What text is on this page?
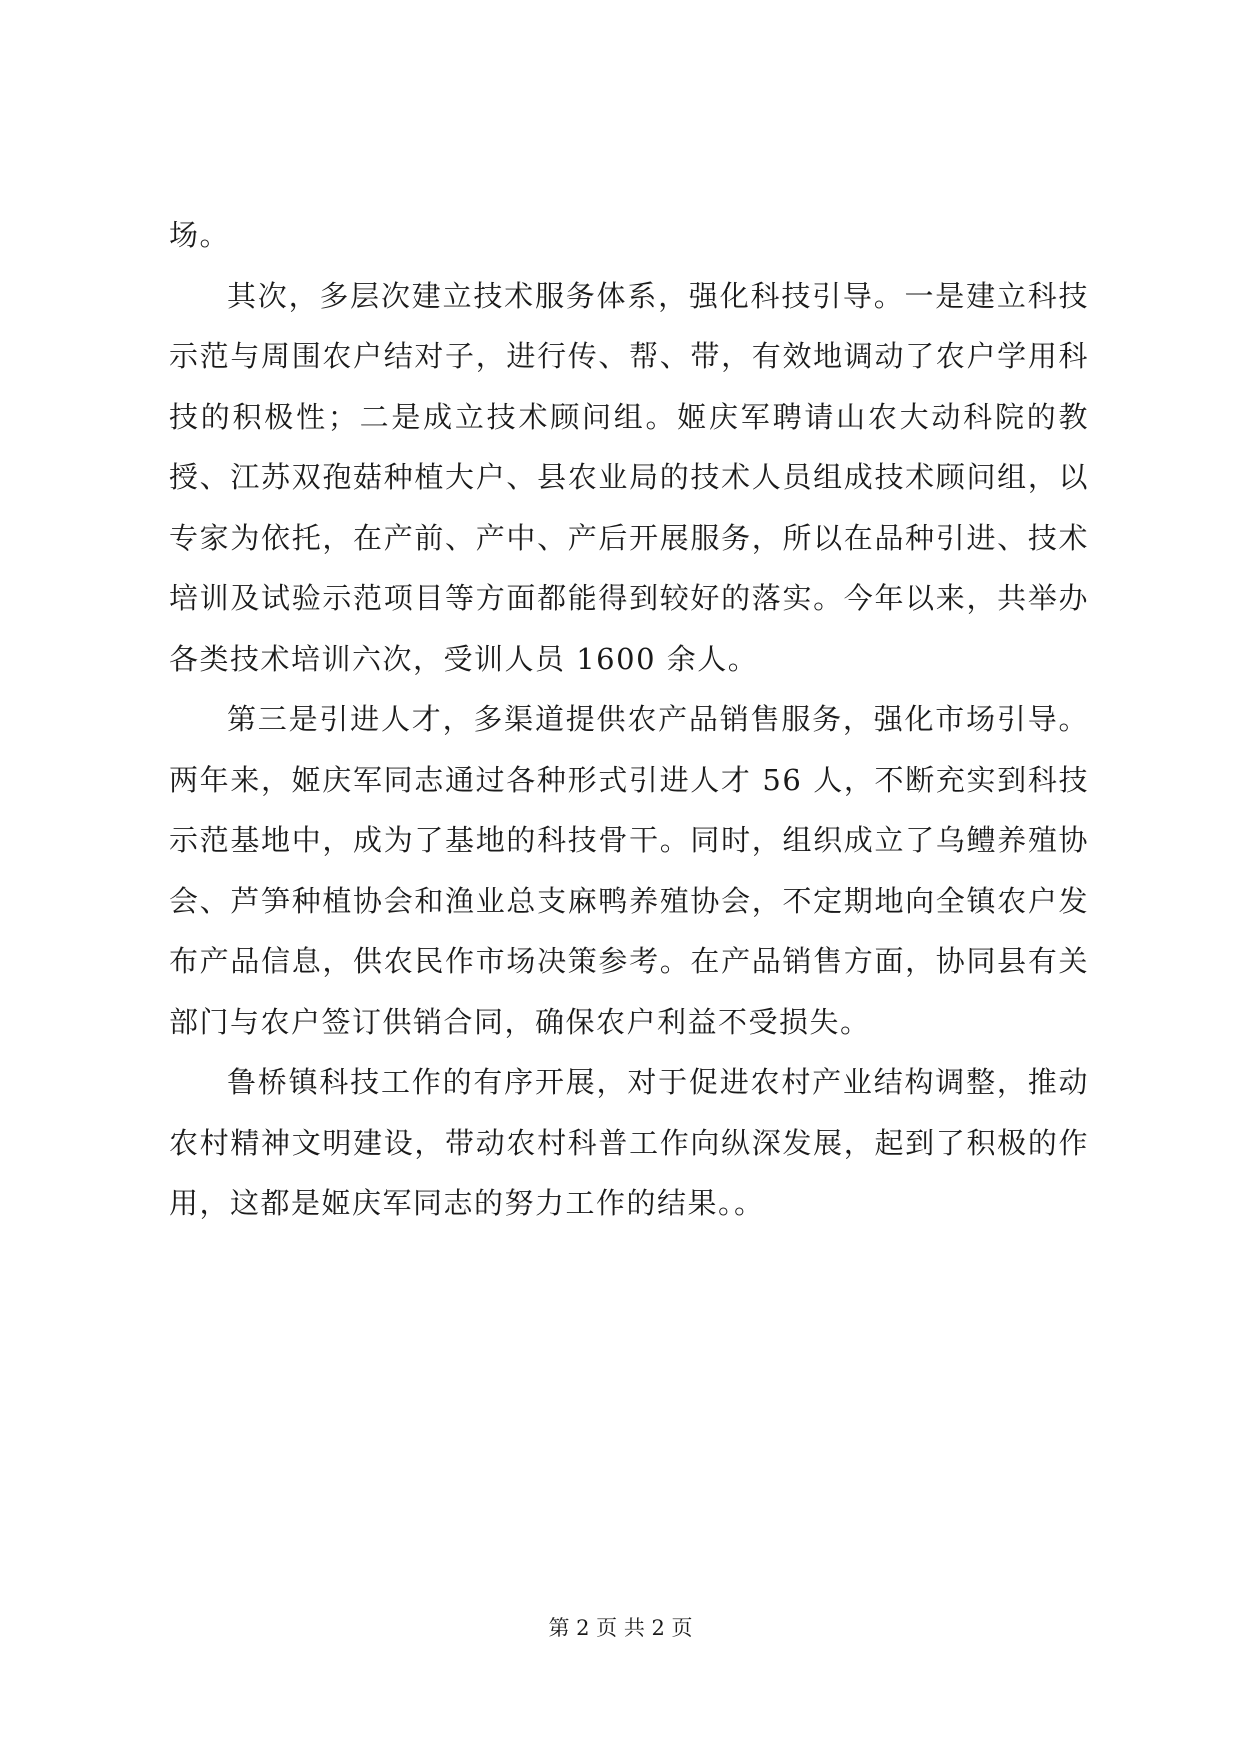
场。

其次，多层次建立技术服务体系，强化科技引导。一是建立科技示范与周围农户结对子，进行传、帮、带，有效地调动了农户学用科技的积极性；二是成立技术顾问组。姬庆军聘请山农大动科院的教授、江苏双孢菇种植大户、县农业局的技术人员组成技术顾问组，以专家为依托，在产前、产中、产后开展服务，所以在品种引进、技术培训及试验示范项目等方面都能得到较好的落实。今年以来，共举办各类技术培训六次，受训人员 1600 余人。

第三是引进人才，多渠道提供农产品销售服务，强化市场引导。两年来，姬庆军同志通过各种形式引进人才 56 人，不断充实到科技示范基地中，成为了基地的科技骨干。同时，组织成立了乌鳢养殖协会、芦笋种植协会和渔业总支麻鸭养殖协会，不定期地向全镇农户发布产品信息，供农民作市场决策参考。在产品销售方面，协同县有关部门与农户签订供销合同，确保农户利益不受损失。

鲁桥镇科技工作的有序开展，对于促进农村产业结构调整，推动农村精神文明建设，带动农村科普工作向纵深发展，起到了积极的作用，这都是姬庆军同志的努力工作的结果。。

第 2 页 共 2 页
